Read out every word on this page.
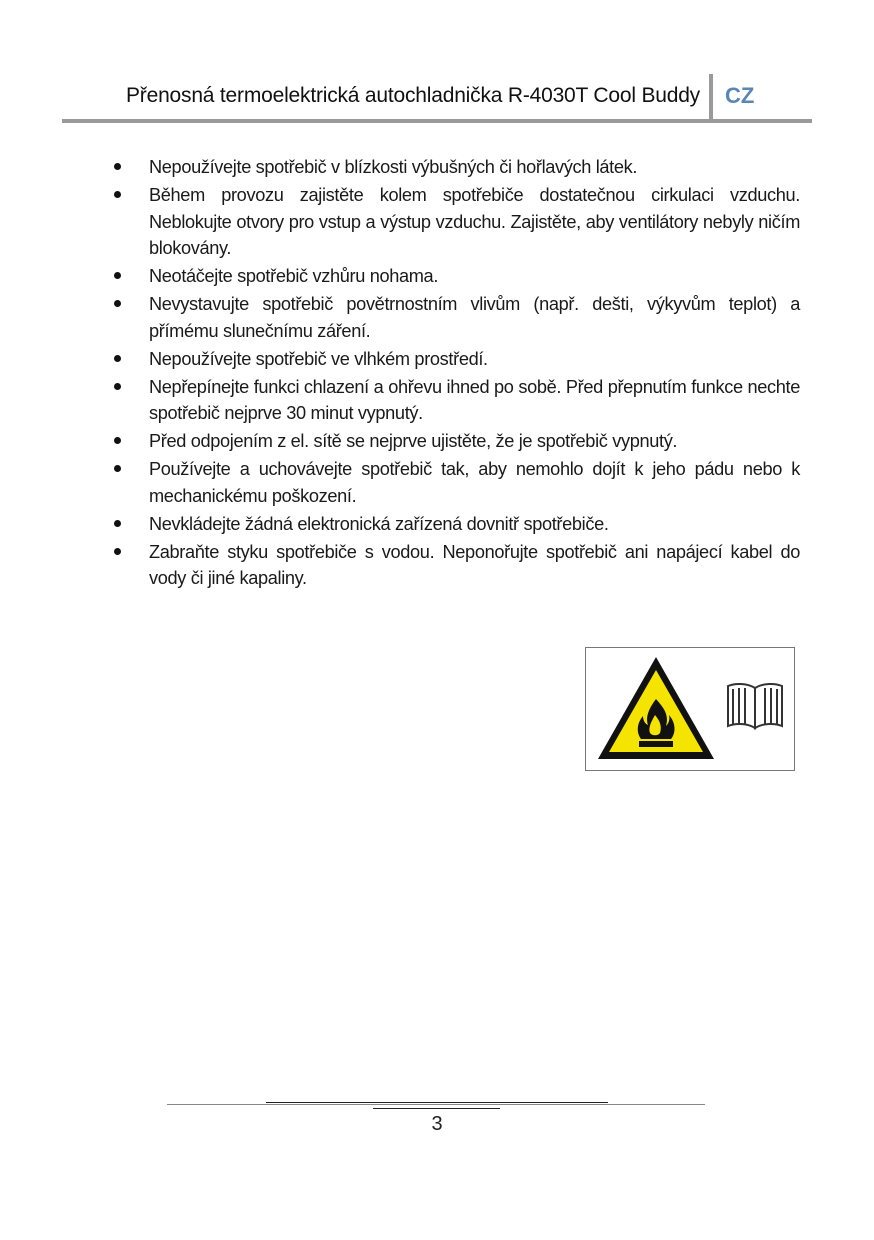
Přenosná termoelektrická autochladnička R-4030T Cool Buddy CZ
Nepoužívejte spotřebič v blízkosti výbušných či hořlavých látek.
Během provozu zajistěte kolem spotřebiče dostatečnou cirkulaci vzduchu. Neblokujte otvory pro vstup a výstup vzduchu. Zajistěte, aby ventilátory nebyly ničím blokovány.
Neotáčejte spotřebič vzhůru nohama.
Nevystavujte spotřebič povětrnostním vlivům (např. dešti, výkyvům teplot) a přímému slunečnímu záření.
Nepoužívejte spotřebič ve vlhkém prostředí.
Nepřepínejte funkci chlazení a ohřevu ihned po sobě. Před přepnutím funkce nechte spotřebič nejprve 30 minut vypnutý.
Před odpojením z el. sítě se nejprve ujistěte, že je spotřebič vypnutý.
Používejte a uchovávejte spotřebič tak, aby nemohlo dojít k jeho pádu nebo k mechanickému poškození.
Nevkládejte žádná elektronická zařízená dovnitř spotřebiče.
Zabraňte styku spotřebiče s vodou. Neponořujte spotřebič ani napájecí kabel do vody či jiné kapaliny.
3
